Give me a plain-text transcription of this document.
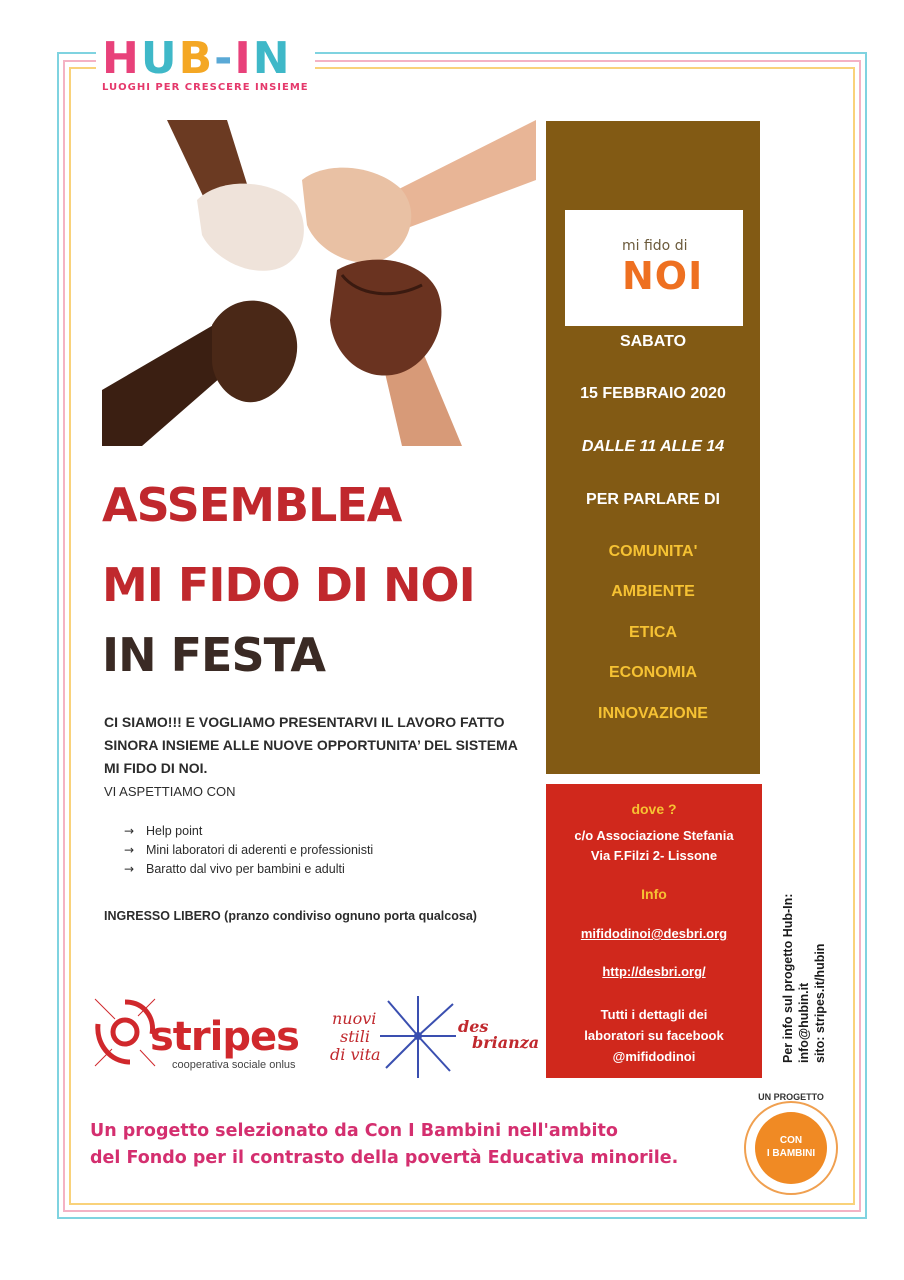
HUB-IN
LUOGHI PER CRESCERE INSIEME
ASSEMBLEA
MI FIDO DI NOI
IN FESTA
CI SIAMO!!! E VOGLIAMO PRESENTARVI IL LAVORO FATTO SINORA INSIEME ALLE NUOVE OPPORTUNITA’ DEL SISTEMA MI FIDO DI NOI.
VI ASPETTIAMO CON
→ Help point
→ Mini laboratori di aderenti e professionisti
→ Baratto dal vivo per bambini e adulti
INGRESSO LIBERO (pranzo condiviso ognuno porta qualcosa)
mi fido di
NOI
SABATO
15 FEBBRAIO 2020
DALLE 11 ALLE 14
PER PARLARE DI
COMUNITA'
AMBIENTE
ETICA
ECONOMIA
INNOVAZIONE
dove ?
c/o Associazione Stefania
Via F.Filzi 2- Lissone
Info
mifidodinoi@desbri.org
http://desbri.org/
Tutti i dettagli dei
laboratori su facebook
@mifidodinoi	Per info sul progetto Hub-In: info@hubin.it sito: stripes.it/hubin
stripes
cooperativa sociale onlus
nuovi
stili
di vita
des
brianza
Un progetto selezionato da Con I Bambini nell'ambito
del Fondo per il contrasto della povertà Educativa minorile.
UN PROGETTO
CON
I BAMBINI
